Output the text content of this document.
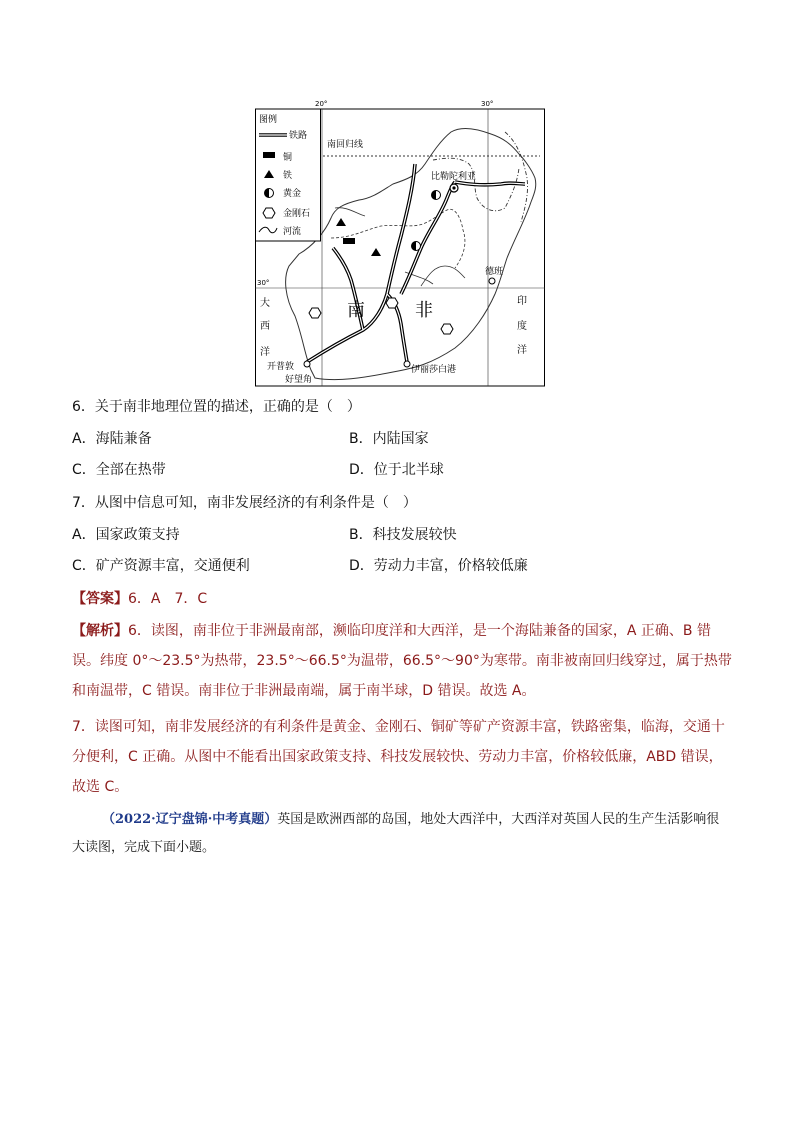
20°	30°
30°
南回归线
图例
铁路
铜
铁
黄金
金刚石
河流
比勒陀利亚
德班
开普敦
好望角
伊丽莎白港
南	非
大
西
洋
印
度
洋
6．关于南非地理位置的描述，正确的是（　）
A．海陆兼备	B．内陆国家
C．全部在热带	D．位于北半球
7．从图中信息可知，南非发展经济的有利条件是（　）
A．国家政策支持	B．科技发展较快
C．矿产资源丰富，交通便利	D．劳动力丰富，价格较低廉
【答案】6．A　7．C
【解析】6．读图，南非位于非洲最南部，濒临印度洋和大西洋，是一个海陆兼备的国家，A 正确、B 错误。纬度 0°～23.5°为热带，23.5°～66.5°为温带，66.5°～90°为寒带。南非被南回归线穿过，属于热带和南温带，C 错误。南非位于非洲最南端，属于南半球，D 错误。故选 A。
7．读图可知，南非发展经济的有利条件是黄金、金刚石、铜矿等矿产资源丰富，铁路密集，临海，交通十分便利，C 正确。从图中不能看出国家政策支持、科技发展较快、劳动力丰富，价格较低廉，ABD 错误，故选 C。
（2022·辽宁盘锦·中考真题）英国是欧洲西部的岛国，地处大西洋中，大西洋对英国人民的生产生活影响很大读图，完成下面小题。
